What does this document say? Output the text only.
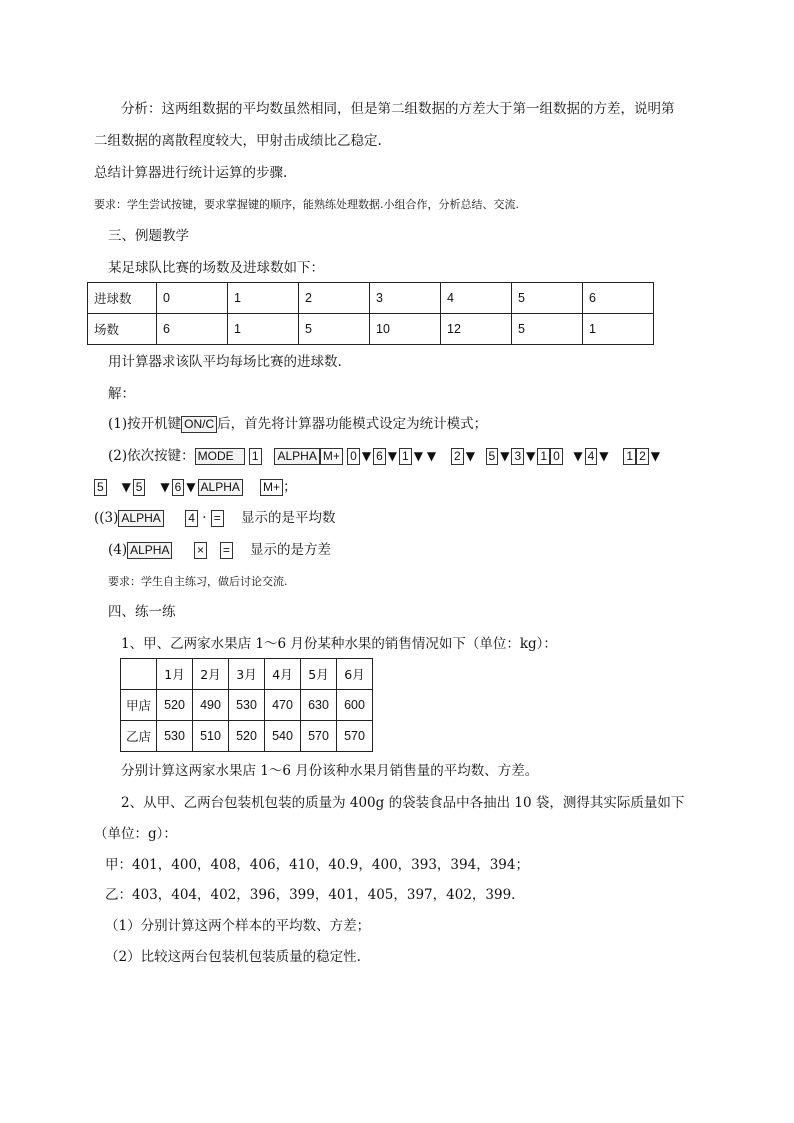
分析：这两组数据的平均数虽然相同，但是第二组数据的方差大于第一组数据的方差，说明第
二组数据的离散程度较大，甲射击成绩比乙稳定.
总结计算器进行统计运算的步骤.
要求：学生尝试按键，要求掌握键的顺序，能熟练处理数据.小组合作，分析总结、交流.
三、例题教学
某足球队比赛的场数及进球数如下：
进球数	0	1	2	3	4	5	6
场数	6	1	5	10	12	5	1
用计算器求该队平均每场比赛的进球数.
解：
(1)按开机键 ON/C 后，首先将计算器功能模式设定为统计模式；
(2)依次按键： MODE 1 ALPHA M+ 0 ▼ 6 ▼ 1 ▼ ▼ 2 ▼ 5 ▼ 3 ▼ 1 0 ▼ 4 ▼ 1 2 ▼
5 ▼ 5 ▼ 6 ▼ ALPHA M+ ；
((3) ALPHA 4 · = 显示的是平均数
(4) ALPHA × = 显示的是方差
要求：学生自主练习，做后讨论交流.
四、练一练
1、甲、乙两家水果店 1～6 月份某种水果的销售情况如下（单位：kg）：
	1月	2月	3月	4月	5月	6月
甲店	520	490	530	470	630	600
乙店	530	510	520	540	570	570
分别计算这两家水果店 1～6 月份该种水果月销售量的平均数、方差。
2、从甲、乙两台包装机包装的质量为 400g 的袋装食品中各抽出 10 袋，测得其实际质量如下
（单位：g）：
甲：401，400，408，406，410，40.9，400，393，394，394；
乙：403，404，402，396，399，401，405，397，402，399.
（1）分别计算这两个样本的平均数、方差；
（2）比较这两台包装机包装质量的稳定性.
